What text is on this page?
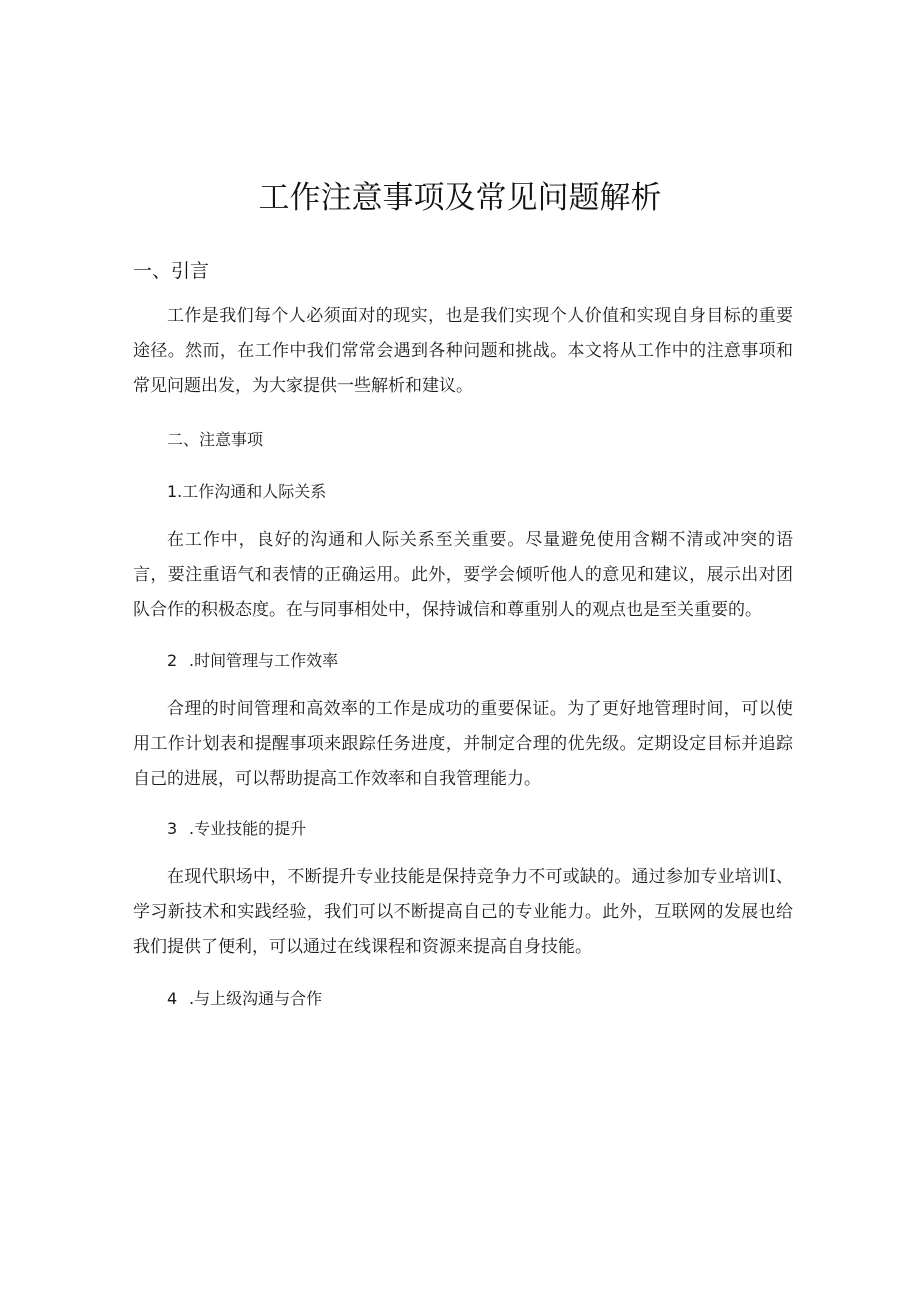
工作注意事项及常见问题解析
一、引言

工作是我们每个人必须面对的现实，也是我们实现个人价值和实现自身目标的重要途径。然而，在工作中我们常常会遇到各种问题和挑战。本文将从工作中的注意事项和常见问题出发，为大家提供一些解析和建议。

二、注意事项
1.工作沟通和人际关系

在工作中，良好的沟通和人际关系至关重要。尽量避免使用含糊不清或冲突的语言，要注重语气和表情的正确运用。此外，要学会倾听他人的意见和建议，展示出对团队合作的积极态度。在与同事相处中，保持诚信和尊重别人的观点也是至关重要的。

2 .时间管理与工作效率

合理的时间管理和高效率的工作是成功的重要保证。为了更好地管理时间，可以使用工作计划表和提醒事项来跟踪任务进度，并制定合理的优先级。定期设定目标并追踪自己的进展，可以帮助提高工作效率和自我管理能力。

3 .专业技能的提升

在现代职场中，不断提升专业技能是保持竞争力不可或缺的。通过参加专业培训I、学习新技术和实践经验，我们可以不断提高自己的专业能力。此外，互联网的发展也给我们提供了便利，可以通过在线课程和资源来提高自身技能。

4 .与上级沟通与合作
